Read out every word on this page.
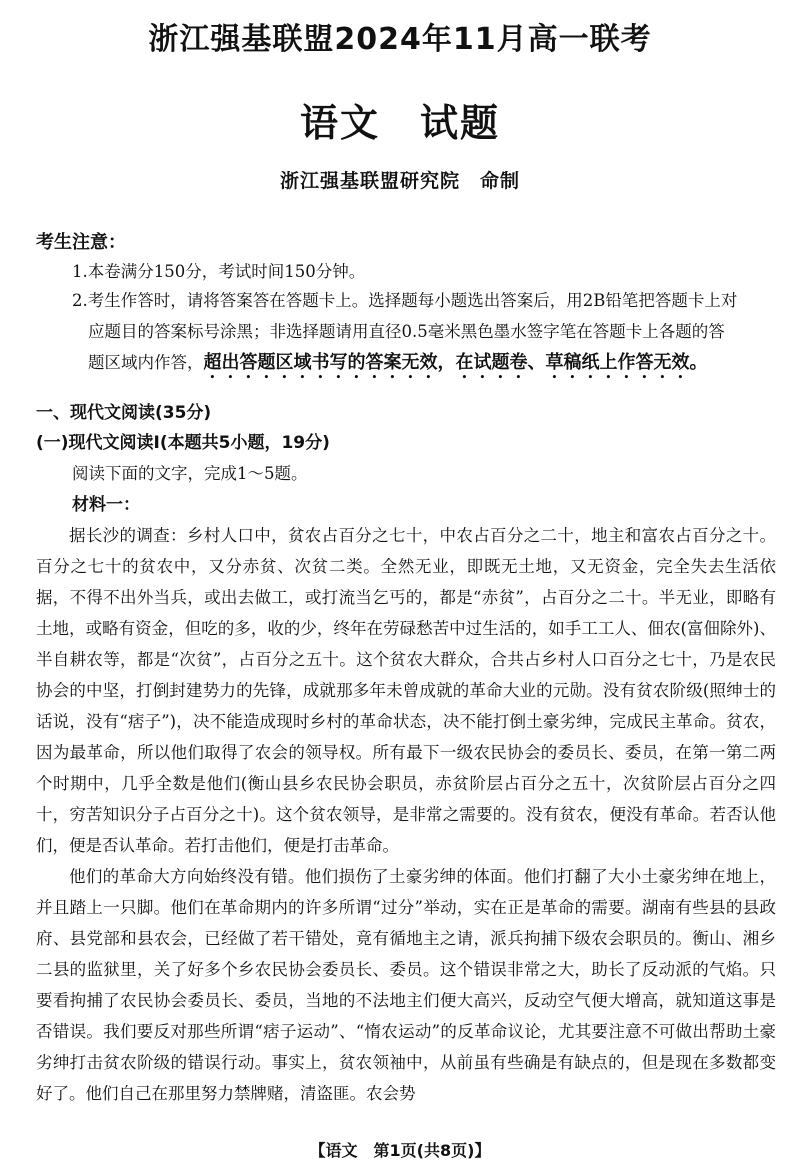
浙江强基联盟2024年11月高一联考
语文　试题
浙江强基联盟研究院　命制
考生注意：
1.本卷满分150分，考试时间150分钟。
2.考生作答时，请将答案答在答题卡上。选择题每小题选出答案后，用2B铅笔把答题卡上对
应题目的答案标号涂黑；非选择题请用直径0.5毫米黑色墨水签字笔在答题卡上各题的答
题区域内作答，超出答题区域书写的答案无效，在试题卷、草稿纸上作答无效。
一、现代文阅读(35分)
(一)现代文阅读Ⅰ(本题共5小题，19分)
阅读下面的文字，完成1～5题。
材料一：

据长沙的调查：乡村人口中，贫农占百分之七十，中农占百分之二十，地主和富农占百分之十。百分之七十的贫农中，又分赤贫、次贫二类。全然无业，即既无土地，又无资金，完全失去生活依据，不得不出外当兵，或出去做工，或打流当乞丐的，都是“赤贫”，占百分之二十。半无业，即略有土地，或略有资金，但吃的多，收的少，终年在劳碌愁苦中过生活的，如手工工人、佃农(富佃除外)、半自耕农等，都是“次贫”，占百分之五十。这个贫农大群众，合共占乡村人口百分之七十，乃是农民协会的中坚，打倒封建势力的先锋，成就那多年未曾成就的革命大业的元勋。没有贫农阶级(照绅士的话说，没有“痞子”)，决不能造成现时乡村的革命状态，决不能打倒土豪劣绅，完成民主革命。贫农，因为最革命，所以他们取得了农会的领导权。所有最下一级农民协会的委员长、委员，在第一第二两个时期中，几乎全数是他们(衡山县乡农民协会职员，赤贫阶层占百分之五十，次贫阶层占百分之四十，穷苦知识分子占百分之十)。这个贫农领导，是非常之需要的。没有贫农，便没有革命。若否认他们，便是否认革命。若打击他们，便是打击革命。

他们的革命大方向始终没有错。他们损伤了土豪劣绅的体面。他们打翻了大小土豪劣绅在地上，并且踏上一只脚。他们在革命期内的许多所谓“过分”举动，实在正是革命的需要。湖南有些县的县政府、县党部和县农会，已经做了若干错处，竟有循地主之请，派兵拘捕下级农会职员的。衡山、湘乡二县的监狱里，关了好多个乡农民协会委员长、委员。这个错误非常之大，助长了反动派的气焰。只要看拘捕了农民协会委员长、委员，当地的不法地主们便大高兴，反动空气便大增高，就知道这事是否错误。我们要反对那些所谓“痞子运动”、“惰农运动”的反革命议论，尤其要注意不可做出帮助土豪劣绅打击贫农阶级的错误行动。事实上，贫农领袖中，从前虽有些确是有缺点的，但是现在多数都变好了。他们自己在那里努力禁牌赌，清盗匪。农会势

【语文　第1页(共8页)】
